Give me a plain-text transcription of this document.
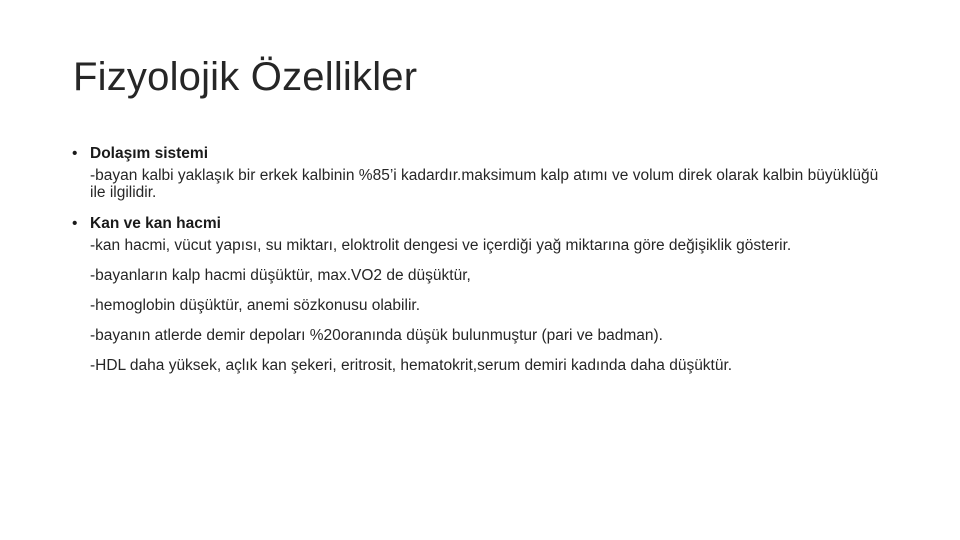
Fizyolojik Özellikler
• Dolaşım sistemi
-bayan kalbi yaklaşık bir erkek kalbinin %85’i kadardır.maksimum kalp atımı ve volum direk olarak kalbin büyüklüğü ile ilgilidir.
• Kan ve kan hacmi
-kan hacmi, vücut yapısı, su miktarı, eloktrolit dengesi ve içerdiği yağ miktarına göre değişiklik gösterir.
-bayanların kalp hacmi düşüktür, max.VO2 de düşüktür,
-hemoglobin düşüktür, anemi sözkonusu olabilir.
-bayanın atlerde demir depoları %20oranında düşük bulunmuştur (pari ve badman).
-HDL daha yüksek, açlık kan şekeri, eritrosit, hematokrit,serum demiri kadında daha düşüktür.
